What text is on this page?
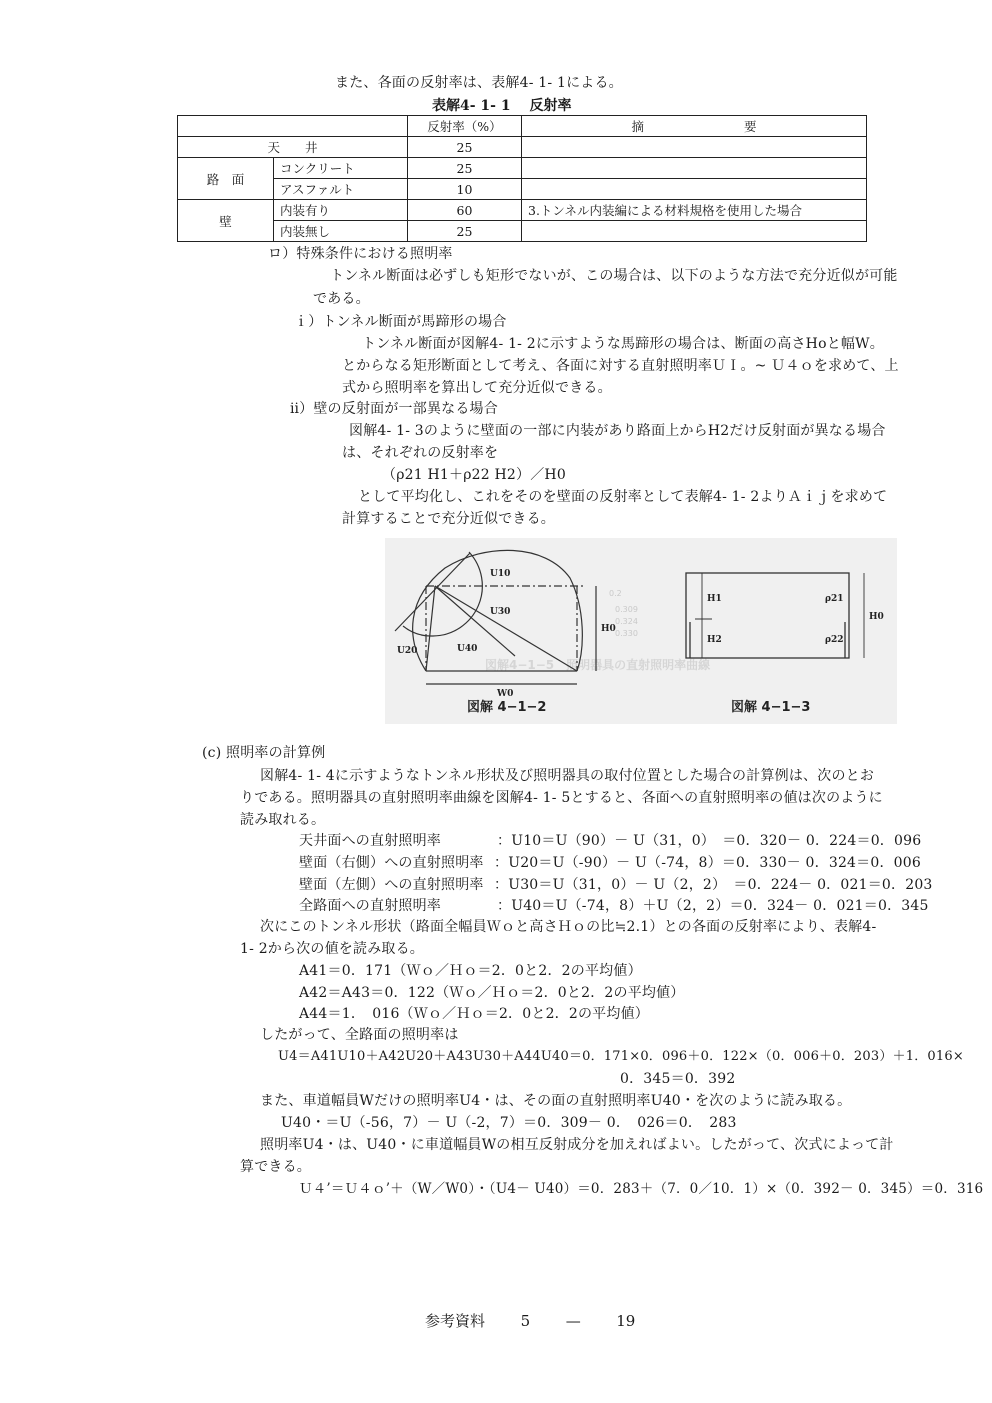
また、各面の反射率は、表解4- 1- 1による。
表解4- 1- 1　 反射率
		反射率（%）	摘　　　　　　　　要
天　　井		25	
路　面	コンクリート	25	
	アスファルト	10	
壁	内装有り	60	3.トンネル内装編による材料規格を使用した場合
	内装無し	25	
ロ）特殊条件における照明率
トンネル断面は必ずしも矩形でないが、この場合は、以下のような方法で充分近似が可能
である。
ｉ）トンネル断面が馬蹄形の場合
トンネル断面が図解4- 1- 2に示すような馬蹄形の場合は、断面の高さHoと幅W。
とからなる矩形断面として考え、各面に対する直射照明率ＵＩ。~ Ｕ４ｏを求めて、上
式から照明率を算出して充分近似できる。
ⅱ）壁の反射面が一部異なる場合
図解4- 1- 3のように壁面の一部に内装があり路面上からH2だけ反射面が異なる場合
は、それぞれの反射率を
（ρ21 H1＋ρ22 H2）／H0
として平均化し、これをそのを壁面の反射率として表解4- 1- 2よりＡｉｊを求めて
計算することで充分近似できる。
0.2
0.309
0.324
0.330
図解4−1−5　照明器具の直射照明率曲線
U10
U30
U20	U40
H0
W0
H1
H2
ρ21
ρ22
H0
図解 4−1−2	図解 4−1−3
(c) 照明率の計算例
図解4- 1- 4に示すようなトンネル形状及び照明器具の取付位置とした場合の計算例は、次のとお
りである。照明器具の直射照明率曲線を図解4- 1- 5とすると、各面への直射照明率の値は次のように
読み取れる。
天井面への直射照明率	：U10＝U（90）－ U（31，0）　＝0．320－ 0．224＝0．096
壁面（右側）への直射照明率 ：U20＝U（-90）－ U（-74，8）＝0．330－ 0．324＝0．006
壁面（左側）への直射照明率 ：U30＝U（31，0）－ U（2，2）　＝0．224－ 0．021＝0．203
全路面への直射照明率	：U40＝U（-74，8）＋U（2，2）＝0．324－ 0．021＝0．345
次にこのトンネル形状（路面全幅員Ｗｏと高さＨｏの比≒2.1）との各面の反射率により、表解4-
1- 2から次の値を読み取る。
A41＝0．171（Ｗｏ／Ｈｏ＝2．0と2．2の平均値）
A42＝A43＝0．122（Ｗｏ／Ｈｏ＝2．0と2．2の平均値）
A44＝1．　016（Ｗｏ／Ｈｏ＝2．0と2．2の平均値）
したがって、全路面の照明率は
U4＝A41U10＋A42U20＋A43U30＋A44U40＝0．171×0．096＋0．122×（0．006＋0．203）＋1．016×
0．345＝0．392
また、車道幅員Wだけの照明率U4・は、その面の直射照明率U40・を次のように読み取る。
U40・＝U（-56，7）－ U（-2，7）＝0．309－ 0．　026＝0．　283
照明率U4・は、U40・に車道幅員Wの相互反射成分を加えればよい。したがって、次式によって計
算できる。
Ｕ４’＝Ｕ４ｏ’＋（W／W0）・（U4－ U40）＝0．283＋（7．0／10．1）×（0．392－ 0．345）＝0．316
参考資料 5 — 19
